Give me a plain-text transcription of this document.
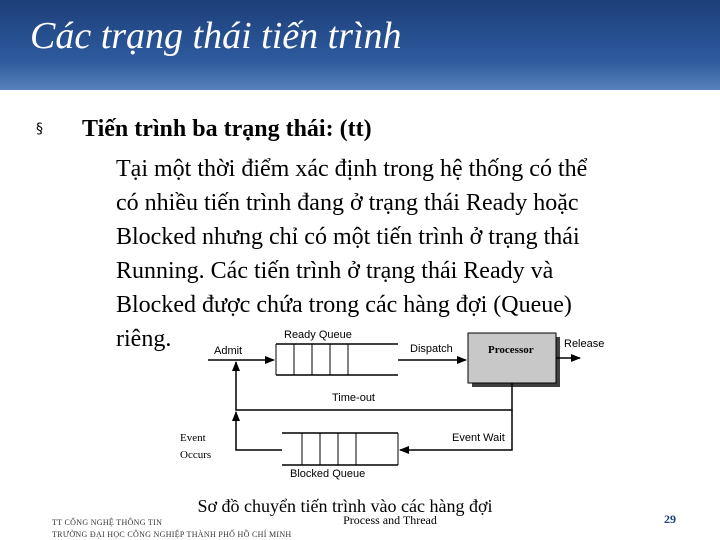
Các trạng thái tiến trình
§ Tiến trình ba trạng thái: (tt)
Tại một thời điểm xác định trong hệ thống có thể
có nhiều tiến trình đang ở trạng thái Ready hoặc
Blocked nhưng chỉ có một tiến trình ở trạng thái
Running. Các tiến trình ở trạng thái Ready và
Blocked được chứa trong các hàng đợi (Queue)
riêng.	Ready Queue
Admit	Dispatch	Processor	Release
Time-out
Event
Occurs
Event Wait
Blocked Queue
Sơ đồ chuyển tiến trình vào các hàng đợi
Process and Thread
TT CÔNG NGHỆ THÔNG TIN
TRƯỜNG ĐẠI HỌC CÔNG NGHIỆP THÀNH PHỐ HỒ CHÍ MINH
29
